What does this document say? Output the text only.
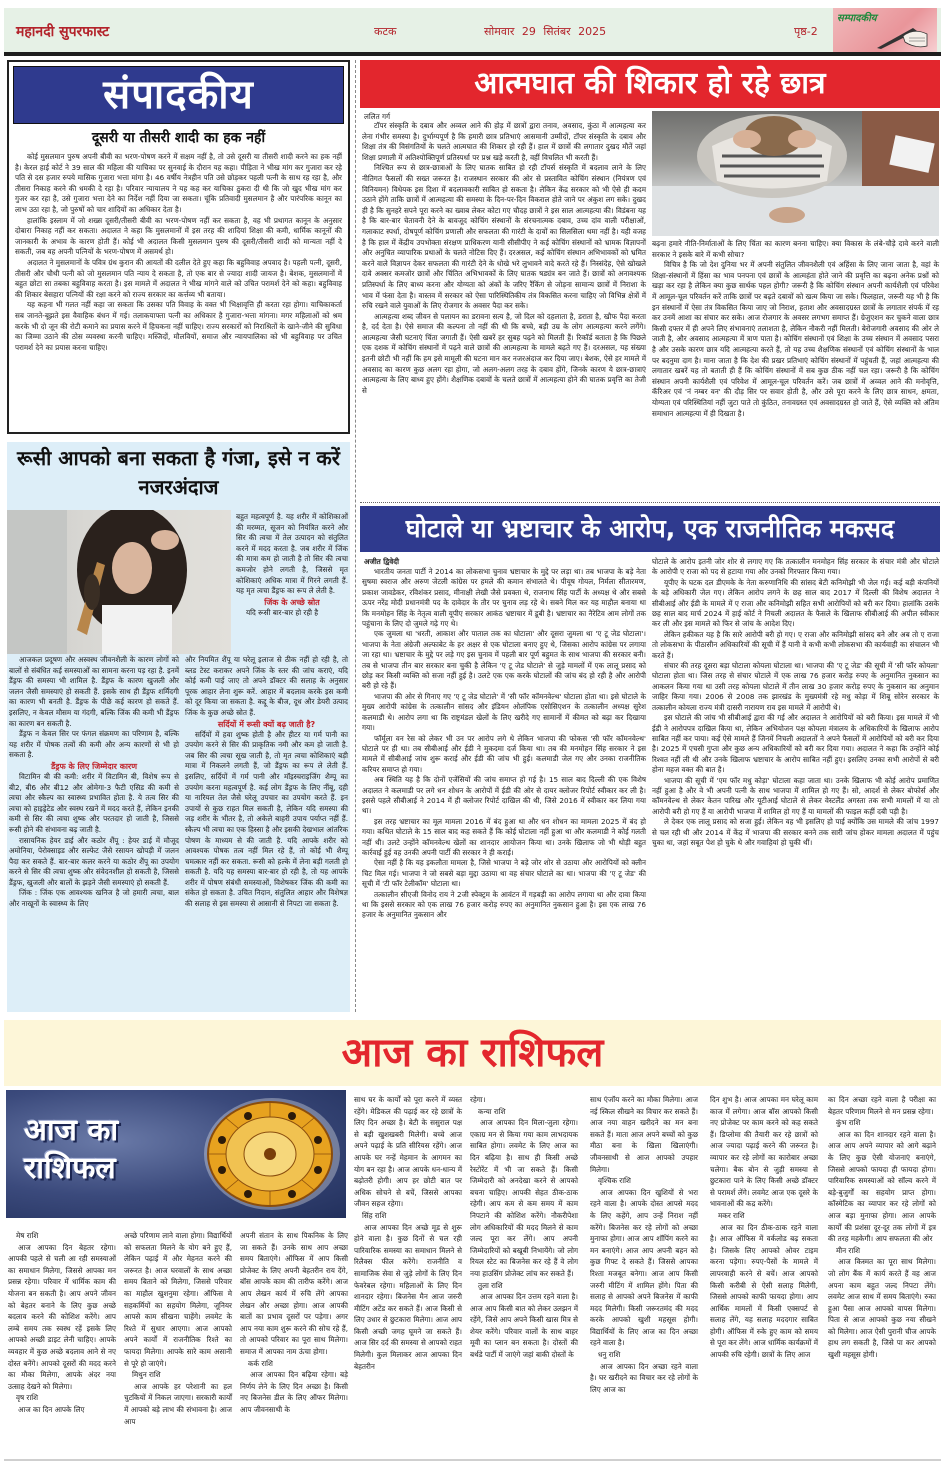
महानदी सुपरफास्ट	कटक	सोमवार 29 सितंबर 2025	पृष्ठ-2
सम्पादकीय
संपादकीय
दूसरी या तीसरी शादी का हक नहीं

कोई मुसलमान पुरुष अपनी बीवी का भरण-पोषण करने में सक्षम नहीं है, तो उसे दूसरी या तीसरी शादी करने का हक नहीं है। केरल हाई कोर्ट ने 39 साल की महिला की याचिका पर सुनवाई के दौरान यह कहा। पीड़िता ने भीख मांग कर गुजारा कर रहे पति से दस हजार रुपये मासिक गुजारा भत्ता मांगा है। 46 वर्षीय नेत्रहीन पति उसे छोड़कर पहली पत्नी के साथ रह रहा है, और तीसरा निकाह करने की धमकी दे रहा है। परिवार न्यायालय ने यह कह कर याचिका ठुकरा दी थी कि जो खुद भीख मांग कर गुजर कर रहा है, उसे गुजारा भत्ता देने का निर्देश नहीं दिया जा सकता। चूंकि प्रतिवादी मुसलमान है और पारंपरिक कानून का लाभ उठा रहा है, जो पुरुषों को चार शादियों का अधिकार देता है।

हालांकि इस्लाम में जो शख्स दूसरी/तीसरी बीवी का भरण-पोषण नहीं कर सकता है, वह भी प्रथागत कानून के अनुसार दोबारा निकाह नहीं कर सकता। अदालत ने कहा कि मुसलमानों में इस तरह की शादियां शिक्षा की कमी, धार्मिक कानूनों की जानकारी के अभाव के कारण होती हैं। कोई भी अदालत किसी मुसलमान पुरुष की दूसरी/तीसरी शादी को मान्यता नहीं दे सकती, जब वह अपनी पत्नियों के भरण-पोषण में असमर्थ हो।

अदालत ने मुसलमानों के पवित्र ग्रंथ कुरान की आयतों की दलील देते हुए कहा कि बहुविवाह अपवाद है। पहली पत्नी, दूसरी, तीसरी और चौथी पत्नी को जो मुसलमान पति न्याय दे सकता है, तो एक बार से ज्यादा शादी जायज है। बेशक, मुसलमानों में बहुत छोटा सा तबका बहुविवाह करता है। इस मामले में अदालत ने भीख मांगने वाले को उचित परामर्श देने को कहा। बहुविवाह की शिकार बेसहारा पत्नियों की रक्षा करने को राज्य सरकार का कर्त्तव्य भी बताया।

यह कहना भी गलत नहीं कहा जा सकता कि उसका पति विवाह के वक्त भी भिक्षावृत्ति ही करता रहा होगा। याचिकाकर्ता सब जानते-बूझते इस वैवाहिक बंधन में गई। तलाकयाफ्ता पत्नी का अधिकार है गुजारा-भत्ता मांगना। मगर महिलाओं को श्रम करके भी दो जून की रोटी कमाने का प्रयास करने में हिचकना नहीं चाहिए। राज्य सरकारों को निराश्रितों के खाने-जीने की सुविधा का जिम्मा उठाने की ठोस व्यवस्था करनी चाहिए। मस्जिदों, मौलवियों, समाज और न्यायपालिका को भी बहुविवाह पर उचित परामर्श देने का प्रयास करना चाहिए।

रूसी आपको बना सकता है गंजा, इसे न करें नजरअंदाज

बहुत महत्वपूर्ण है. यह शरीर में कोशिकाओं की मरम्मत, सूजन को नियंत्रित करने और सिर की त्वचा में तेल उत्पादन को संतुलित करने में मदद करता है. जब शरीर में जिंक की मात्रा कम हो जाती है तो सिर की त्वचा कमजोर होने लगती है, जिससे मृत कोशिकाएं अधिक मात्रा में गिरने लगती हैं. यह मृत त्वचा डैंड्रफ का रूप ले लेती है.

जिंक के अच्छे स्रोत

यदि रूसी बार-बार हो रही है

आजकल प्रदूषण और अस्वस्थ जीवनशैली के कारण लोगों को बालों से संबंधित कई समस्याओं का सामना करना पड़ रहा है. इनमें डैंड्रफ की समस्या भी शामिल है. डैंड्रफ के कारण खुजली और जलन जैसी समस्याएं हो सकती हैं. इसके साथ ही डैंड्रफ शर्मिंदगी का कारण भी बनती है. डैंड्रफ के पीछे कई कारण हो सकते हैं. इसलिए, न केवल मौसम या गंदगी, बल्कि जिंक की कमी भी डैंड्रफ का कारण बन सकती है.

डैंड्रफ न केवल सिर पर फंगल संक्रमण का परिणाम है, बल्कि यह शरीर में पोषक तत्वों की कमी और अन्य कारणों से भी हो सकता है.

डैंड्रफ के लिए जिम्मेदार कारण

विटामिन बी की कमी: शरीर में विटामिन बी, विशेष रूप से बी2, बी6 और बी12 और ओमेगा-3 फैटी एसिड की कमी से त्वचा और स्कैल्प का स्वास्थ्य प्रभावित होता है. ये तत्व सिर की त्वचा को हाइड्रेटेड और स्वस्थ रखने में मदद करते हैं, लेकिन इनकी कमी से सिर की त्वचा शुष्क और परतदार हो जाती है, जिससे रूसी होने की संभावना बढ़ जाती है.

रासायनिक हेयर डाई और कठोर शैंपू : हेयर डाई में मौजूद अमोनिया, पेरोक्साइड और सल्फेट जैसे रसायन खोपड़ी में जलन पैदा कर सकते हैं. बार-बार कलर करने या कठोर शैंपू का उपयोग करने से सिर की त्वचा शुष्क और संवेदनशील हो सकती है, जिससे डैंड्रफ, खुजली और बालों के झड़ने जैसी समस्याएं हो सकती हैं.

जिंक : जिंक एक आवश्यक खनिज है जो हमारी त्वचा, बाल और नाखूनों के स्वास्थ्य के लिए

और नियमित शैंपू या घरेलू इलाज से ठीक नहीं हो रही है, तो ब्लड टेस्ट कराकर अपने जिंक के स्तर की जांच कराएं, यदि कोई कमी पाई जाए तो अपने डॉक्टर की सलाह के अनुसार पूरक आहार लेना शुरू करें. आहार में बदलाव करके इस कमी को दूर किया जा सकता है. कद्दू के बीज, दूध और डेयरी उत्पाद जिंक के कुछ अच्छे स्रोत हैं.

सर्दियों में रूसी क्यों बढ़ जाती है?

सर्दियों में हवा शुष्क होती है और हीटर या गर्म पानी का उपयोग करने से सिर की प्राकृतिक नमी और कम हो जाती है. जब सिर की त्वचा सूख जाती है, तो मृत त्वचा कोशिकाएं बड़ी मात्रा में निकलने लगती हैं, जो डैंड्रफ का रूप ले लेती हैं. इसलिए, सर्दियों में गर्म पानी और मॉइस्चराइजिंग शैम्पू का उपयोग करना महत्वपूर्ण है. कई लोग डैंड्रफ के लिए नींबू, दही या नारियल तेल जैसे घरेलू उपचार का उपयोग करते हैं. इन उपायों से कुछ राहत मिल सकती है, लेकिन यदि समस्या की जड़ शरीर के भीतर है, तो अकेले बाहरी उपाय पर्याप्त नहीं हैं. स्कैल्प भी त्वचा का एक हिस्सा है और इसकी देखभाल आंतरिक पोषण के माध्यम से की जाती है. यदि आपके शरीर को आवश्यक पोषक तत्व नहीं मिल रहे हैं, तो कोई भी शैम्पू चमत्कार नहीं कर सकता. रूसी को हल्के में लेना बड़ी गलती हो सकती है. यदि यह समस्या बार-बार हो रही है, तो यह आपके शरीर में पोषण संबंधी समस्याओं, विशेषकर जिंक की कमी का संकेत हो सकता है. उचित निदान, संतुलित आहार और विशेषज्ञ की सलाह से इस समस्या से आसानी से निपटा जा सकता है.

आत्मघात की शिकार हो रहे छात्र
ललित गर्ग

टॉपर संस्कृति के दबाव और अव्वल आने की होड़ में छात्रों द्वारा तनाव, अवसाद, कुंठा में आत्महत्या कर लेना गंभीर समस्या है। दुर्भाग्यपूर्ण है कि हमारी छात्र प्रतिभाएं आसमानी उम्मीदों, टॉपर संस्कृति के दबाव और शिक्षा तंत्र की विसंगतियों के चलते आत्मघात की शिकार हो रही हैं। हाल में छात्रों की लगातार दुखद मौतें जहां शिक्षा प्रणाली में अतिश्योक्तिपूर्ण प्रतिस्पर्धा पर प्रश्न खड़े करती है, वहीं विचलित भी करती हैं।

निश्चित रूप से छात्र-छात्राओं के लिए घातक साबित हो रही टॉपर्स संस्कृति में बदलाव लाने के लिए नीतिगत फैसलों की सख्त जरूरत है। राजस्थान सरकार की ओर से प्रस्तावित कोचिंग संस्थान (नियंत्रण एवं विनियमन) विधेयक इस दिशा में बदलावकारी साबित हो सकता है। लेकिन केंद्र सरकार को भी ऐसे ही कदम उठाने होंगे ताकि छात्रों में आत्महत्या की समस्या के दिन-पर-दिन विकराल होते जाने पर अंकुश लग सके। दुखद ही है कि सुनहरे सपने पूरा करने का ख्वाब लेकर कोटा गए चौदह छात्रों ने इस साल आत्महत्या की। विडंबना यह है कि बार-बार चेतावनी देने के बावजूद कोचिंग संस्थानों के संरचनात्मक दबाव, उच्च दांव वाली परीक्षाओं, गलाकाट स्पर्धा, दोषपूर्ण कोचिंग प्रणाली और सफलता की गारंटी के दावों का सिलसिला थमा नहीं है। यही वजह है कि हाल में केंद्रीय उपभोक्ता संरक्षण प्राधिकरण यानी सीसीपीए ने कई कोचिंग संस्थानों को भ्रामक विज्ञापनों और अनुचित व्यापारिक प्रथाओं के चलते नोटिस दिए हैं। दरअसल, कई कोचिंग संस्थान अभिभावकों को भ्रमित करने वाले विज्ञापन देकर सफलता की गारंटी देने के धोखे भरे लुभावने वादे करते रहे हैं। निस्संदेह, ऐसे खोखले दावे अक्सर कमजोर छात्रों और चिंतित अभिभावकों के लिए घातक षड्यंत्र बन जाते हैं। छात्रों को अनावश्यक प्रतिस्पर्धा के लिए बाध्य करना और योग्यता को अंकों के जरिए रैंकिंग से जोड़ना सामान्य छात्रों में निराशा के भाव में फंसा देता है। वास्तव में सरकार को ऐसा पारिस्थितिकीय तंत्र विकसित करना चाहिए जो विभिन्न क्षेत्रों में रुचि रखने वाले युवाओं के लिए रोजगार के अवसर पैदा कर सके।

आत्महत्या शब्द जीवन से पलायन का डरावना सत्य है, जो दिल को दहलाता है, डराता है, खौफ पैदा करता है, दर्द देता है। ऐसे समाज की कल्पना तो नहीं की थी कि बच्चे, बड़ी उम्र के लोग आत्महत्या करने लगेंगे। आत्महत्या जैसी घटनाएं चिंता जगाती हैं। ऐसी खबरें हर सुबह पढ़ने को मिलती हैं। रिकॉर्ड बताता है कि पिछले एक दशक में कोचिंग संस्थानों में पढ़ने वाले छात्रों की आत्महत्या के मामले बढ़ते गए हैं। दरअसल, यह संख्या इतनी छोटी भी नहीं कि हम इसे मामूली की घटना मान कर नजरअंदाज कर दिया जाए। बेशक, ऐसे हर मामले में अवसाद का कारण कुछ अलग रहा होगा, जो अलग-अलग तरह के दबाव होंगे, जिनके कारण ये छात्र-छात्राएं आत्महत्या के लिए बाध्य हुए होंगे। शैक्षणिक दबावों के चलते छात्रों में आत्महत्या होने की घातक प्रवृत्ति का तेजी से

बढ़ना हमारे नीति-निर्माताओं के लिए चिंता का कारण बनना चाहिए। क्या विकास के लंबे-चौड़े दावे करने वाली सरकार ने इसके बारे में कभी सोचा?

विचित्र है कि जो देश दुनिया भर में अपनी संतुलित जीवनशैली एवं अहिंसा के लिए जाना जाता है, वहां के शिक्षा-संस्थानों में हिंसा का भाव पनपना एवं छात्रों के आत्महंता होते जाने की प्रवृत्ति का बढ़ना अनेक प्रश्नों को खड़ा कर रहा है लेकिन क्या कुछ सार्थक पहल होगी? जरूरी है कि कोचिंग संस्थान अपनी कार्यशैली एवं परिवेश में आमूल-चूल परिवर्तन करें ताकि छात्रों पर बढ़ते दबावों को खत्म किया जा सके। फिलहाल, जरूरी यह भी है कि इन संस्थानों में ऐसा तंत्र विकसित किया जाए जो निराश, हताश और अवसादग्रस्त छात्रों के लगातार संपर्क में रह कर उनमें आशा का संचार कर सके। आज रोजगार के अवसर लगभग समाप्त हैं। ग्रेजुएशन कर चुकने वाला छात्र किसी दफ्तर में ही अपने लिए संभावनाएं तलाशता है, लेकिन नौकरी नहीं मिलती। बेरोजगारी अवसाद की ओर ले जाती है, और अवसाद आत्महत्या में त्राण पाता है। कोचिंग संस्थानों एवं शिक्षा के उच्च संस्थान में अवसाद पसरा है और उसके कारण छात्र यदि आत्महत्या करते हैं, तो यह उच्च शैक्षणिक संस्थानों एवं कोचिंग संस्थानों के भाल पर बदनुमा दाग है। माना जाता है कि देश की प्रखर प्रतिभाएं कोचिंग संस्थानों में पहुंचती हैं, जहां आत्महत्या की लगातार खबरें यह तो बताती ही हैं कि कोचिंग संस्थानों में सब कुछ ठीक नहीं चल रहा। जरूरी है कि कोचिंग संस्थान अपनी कार्यशैली एवं परिवेश में आमूल-चूल परिवर्तन करें। जब छात्रों में अव्वल आने की मनोवृत्ति, कॅरिअर एवं 'नं नम्बर वन' की दौड़ सिर पर सवार होती है, और उसे पूरा करने के लिए छात्र साधन, क्षमता, योग्यता एवं परिस्थितियां नहीं जुटा पाते तो कुंठित, तनावग्रस्त एवं अवसादग्रस्त हो जाते हैं, ऐसे व्यक्ति को अंतिम समाधान आत्महत्या में ही दिखता है।

घोटाले या भ्रष्टाचार के आरोप, एक राजनीतिक मकसद
अजीत द्विवेदी

भारतीय जनता पार्टी ने 2014 का लोकसभा चुनाव भ्रष्टाचार के मुद्दे पर लड़ा था। तब भाजपा के बड़े नेता सुषमा स्वराज और अरुण जेटली कांग्रेस पर हमले की कमान संभालते थे। पीयूष गोयल, निर्मला सीतारमण, प्रकाश जावडेकर, रविशंकर प्रसाद, मीनाक्षी लेखी जैसे प्रवक्ता थे, राजनाथ सिंह पार्टी के अध्यक्ष थे और सबसे ऊपर नरेंद्र मोदी प्रधानमंत्री पद के दावेदार के तौर पर चुनाव लड़ रहे थे। सबने मिल कर यह माहौल बनाया था कि मनमोहन सिंह के नेतृत्व वाली यूपीए सरकार आकंठ भ्रष्टाचार में डूबी है। भ्रष्टाचार का नैरेटिव आम लोगों तक पहुंचाना के लिए दो जुमले गढ़े गए थे।

एक जुमला था 'धरती, आकाश और पाताल तक का घोटाला' और दूसरा जुमला था 'ए टू जेड घोटाला'। भाजपा के नेता अंग्रेजी अल्फाबेट के हर अक्षर से एक घोटाला बनाए हुए थे, जिसका आरोप कांग्रेस पर लगाया जा रहा था। भ्रष्टाचार के मुद्दे पर लड़े गए इस चुनाव में पहली बार पूर्ण बहुमत के साथ भाजपा की सरकार बनी। तब से भाजपा तीन बार सरकार बना चुकी है लेकिन 'ए टू जेड घोटाले' से जुड़े मामलों में एक लालू प्रसाद को छोड़ कर किसी व्यक्ति को सजा नहीं हुई है। उलटे एक एक करके घोटालों की जांच बंद हो रही है और आरोपी बरी हो रहे हैं।

भाजपा की ओर से गिनाए गए 'ए टू जेड घोटाले' में 'सी फॉर कॉमनवेल्थ' घोटाला होता था। इसे घोटाले के मुख्य आरोपी कांग्रेस के तत्कालीन सांसद और इंडियन ओलंपिक एसोसिएशन के तत्कालीन अध्यक्ष सुरेश कलमाडी थे। आरोप लगा था कि राष्ट्रमंडल खेलों के लिए खरीदे गए सामानों में कीमत को बढ़ा कर दिखाया गया।

फॉर्मूला वन रेस को लेकर भी उन पर आरोप लगे थे लेकिन भाजपा की फोकस 'सी फॉर कॉमनवेल्थ' घोटाले पर ही था। तब सीबीआई और ईडी ने मुकदमा दर्ज किया था। तब की मनमोहन सिंह सरकार ने इस मामले में सीबीआई जांच शुरू कराई और ईडी की जांच भी हुई। कलमाडी जेल गए और उनका राजनीतिक करियर समाप्त हो गया।

अब स्थिति यह है कि दोनों एजेंसियों की जांच समाप्त हो गई है। 15 साल बाद दिल्ली की एक विशेष अदालत ने कलमाडी पर लगे धन शोधन के आरोपों में ईडी की ओर से दायर क्लोजर रिपोर्ट स्वीकार कर ली है। इससे पहले सीबीआई ने 2014 में ही क्लोजर रिपोर्ट दाखिल की थी, जिसे 2016 में स्वीकार कर लिया गया था।

इस तरह भ्रष्टाचार का मूल मामला 2016 में बंद हुआ था और धन शोधन का मामला 2025 में बंद हो गया। कथित घोटाले के 15 साल बाद कह सकते हैं कि कोई घोटाला नहीं हुआ था और कलमाडी ने कोई गलती नहीं थी। उलटे उन्होंने कॉमनवेल्थ खेलों का शानदार आयोजन किया था। उनके खिलाफ जो भी थोड़ी बहुत कार्रवाई हुई वह उनकी अपनी पार्टी की सरकार ने ही कराई।

ऐसा नहीं है कि यह इकलौता मामला है, जिसे भाजपा ने बड़े जोर शोर से उठाया और आरोपियों को क्लीन चिट मिल गई। भाजपा ने जो सबसे बड़ा मुद्दा उठाया था वह संचार घोटाले का था। भाजपा की 'ए टू जेड' की सूची में 'टी फॉर टेलीकॉम' घोटाला था।

तत्कालीन सीएजी विनोद राय ने 2जी स्पेक्ट्रम के आवंटन में गड़बड़ी का आरोप लगाया था और दावा किया था कि इससे सरकार को एक लाख 76 हजार करोड़ रुपए का अनुमानित नुकसान हुआ है। इस एक लाख 76 हजार के अनुमानित नुकसान और

घोटाले के आरोप इतनी जोर शोर से लगाए गए कि तत्कालीन मनमोहन सिंह सरकार के संचार मंत्री और घोटाले के आरोपी ए राजा को पद से हटाया गया और उनको गिरफ्तार किया गया।

यूपीए के घटक दल डीएमके के नेता करुणानिधि की सांसद बेटी कनिमोझी भी जेल गईं। कई बड़ी कंपनियों के बड़े अधिकारी जेल गए। लेकिन आरोप लगने के छह साल बाद 2017 में दिल्ली की विशेष अदालत ने सीबीआई और ईडी के मामले में ए राजा और कनिमोझी सहित सभी आरोपियों को बरी कर दिया। हालांकि उसके छह साल बाद मार्च 2024 में हाई कोर्ट ने निचली अदालत के फैसले के खिलाफ सीबीआई की अपील स्वीकार कर ली और इस मामले को फिर से जांच के आदेश दिए।

लेकिन हकीकत यह है कि सारे आरोपी बरी हो गए। ए राजा और कनिमोझी सांसद बने और अब तो ए राजा तो लोकसभा के पीठासीन अधिकारियों की सूची में हैं यानी वे कभी कभी लोकसभा की कार्यवाही का संचालन भी करते हैं।

संचार की तरह दूसरा बड़ा घोटाला कोयला घोटाला था। भाजपा की 'ए टू जेड' की सूची में 'सी फॉर कोयला' घोटाला होता था। जिस तरह से संचार घोटाले में एक लाख 76 हजार करोड़ रुपए के अनुमानित नुकसान का आकलन किया गया था उसी तरह कोयला घोटाले में तीन लाख 30 हजार करोड़ रुपए के नुकसान का अनुमान जाहिर किया गया। 2006 से 2008 तक झारखंड के मुख्यमंत्री रहे मधु कोड़ा में शिबू सोरेन सरकार के तत्कालीन कोयला राज्य मंत्री दासरी नारायण राव इस मामले में आरोपी थे।

इस घोटाले की जांच भी सीबीआई द्वारा की गई और अदालत ने आरोपियों को बरी किया। इस मामले में भी ईडी ने आरोपपत्र दाखिल किया था, लेकिन अभियोजन पक्ष कोयला मंत्रालय के अधिकारियों के खिलाफ आरोप साबित नहीं कर पाया। कई ऐसे मामले हैं जिनमें निचली अदालतों ने अपने फैसलों में आरोपियों को बरी कर दिया है। 2025 में एचसी गुप्ता और कुछ अन्य अधिकारियों को बरी कर दिया गया। अदालत ने कहा कि उन्होंने कोई रिश्वत नहीं ली थी और उनके खिलाफ भ्रष्टाचार के आरोप साबित नहीं हुए। इसलिए उनका सभी आरोपों से बरी होना महज वक्त की बात है।

भाजपा की सूची में 'एम फॉर मधु कोड़ा' घोटाला कहा जाता था। उनके खिलाफ भी कोई आरोप प्रमाणित नहीं हुआ है और वे भी अपनी पत्नी के साथ भाजपा में शामिल हो गए हैं। सो, आदर्श से लेकर बोफोर्स और कॉमनवेल्थ से लेकर केतन पारिख और यूटीआई घोटाले से लेकर वेस्टलैंड अगस्ता तक सभी मामलों में या तो आरोपी बरी हो गए हैं या आरोपी भाजपा में शामिल हो गए हैं या मामलों की फाइल कहीं दबी पड़ी है।

ले देकर एक लालू प्रसाद को सजा हुई। लेकिन वह भी इसलिए हो पाई क्योंकि उस मामले की जांच 1997 से चल रही थी और 2014 में केंद्र में भाजपा की सरकार बनने तक सारी जांच होकर मामला अदालत में पहुंच चुका था, जहां सबूत पेश हो चुके थे और गवाहियां हो चुकी थीं।

आज का राशिफल
आज का
राशिफल

मेष राशि

आज आपका दिन बेहतर रहेगा। आपकी पहले से चली आ रही समस्याओं का समाधान मिलेगा, जिससे आपका मन प्रसन्न रहेगा। परिवार में धार्मिक काम की योजना बन सकती है। आप अपने जीवन को बेहतर बनाने के लिए कुछ अच्छे बदलाव करने की कोशिश करेंगे। आप लम्बे समय तक स्वस्थ रहें इसके लिए आपको अच्छी डाइट लेनी चाहिए। आपके व्यवहार में कुछ अच्छे बदलाव आने से नए दोस्त बनेंगे। आपको दूसरों की मदद करने का मौका मिलेगा, आपके अंदर नया उत्साह देखने को मिलेगा।

वृष राशि

आज का दिन आपके लिए

अच्छे परिणाम लाने वाला होगा। विद्यार्थियों को सफलता मिलने के योग बने हुए हैं, लेकिन पढ़ाई में और मेहनत करने की जरूरत है। आज घरवालों के साथ अच्छा समय बिताने को मिलेगा, जिससे परिवार का माहौल खुशनुमा रहेगा। ऑफिस मे सहकर्मियों का सहयोग मिलेगा, जूनियर आपसे काम सीखना चाहेंगे। लवमेट के रिश्ते में सुधार आएगा। आज आपको अपने कार्यों में राजनीतिक रिश्ते का फायदा मिलेगा। आपके सारे काम असानी से पूरे हो जाएंगे।

मिथुन राशि

आज आपके हर परेशानी का हल चुटकियों में निकल जाएगा। सरकारी कार्यों में आपको बड़े लाभ की संभावना है। आज आप

अपनी संतान के साथ पिकनिक के लिए जा सकते हैं। उनके साथ आप अच्छा समय बिताएंगे। ऑफिस में आप किसी प्रोजेक्ट के लिए अपनी बेहतरीन राय देंगे, बॉस आपके काम की तारीफ करेंगे। आज आप लेखन कार्य में रुचि लेंगे आपका लेखन और अच्छा होगा। आज आपकी बातों का प्रभाव दूसरों पर पड़ेगा। अगर आप नया काम शुरू करने की सोच रहे हैं, तो आपको परिवार का पूरा साथ मिलेगा। समाज में आपका नाम ऊंचा होगा।

कर्क राशि

आज आपका दिन बढ़िया रहेगा। बड़े निर्णय लेने के लिए दिन अच्छा है। किसी नए बिजनेस डील के लिए ऑफर मिलेगा। आप जीवनसाथी के

साथ घर के कार्यों को पूरा करने में व्यस्त रहेंगे। मेडिकल की पढ़ाई कर रहे छात्रों के लिए दिन अच्छा है। बेटी के ससुराल पक्ष से बड़ी खुशखबरी मिलेगी। बच्चे आज अपने पढ़ाई के प्रति सीरियस रहेंगे। आज आपके घर नन्हें मेहमान के आगमन का योग बन रहा है। आज आपके धन-धान्य में बढ़ोतरी होगी। आप हर छोटी बात पर अधिक सोचने से बचें, जिससे आपका जीवन सहज रहेगा।

सिंह राशि

आज आपका दिन अच्छे मूड से शुरू होने वाला है। कुछ दिनों से चल रही पारिवारिक समस्या का समाधान मिलने से रिलैक्स फील करेंगे। राजनीति व सामाजिक सेवा से जुड़े लोगों के लिए दिन फेवरेबल रहेगा। महिलाओं के लिए दिन शानदार रहेगा। बिजनेस मैन आज जरुरी मीटिंग अटेंड कर सकते हैं। आज किसी से लिए उधार से छुटकारा मिलेगा। आज आप किसी अच्छी जगह घूमने जा सकते हैं। आज सिर दर्द की समस्या से आपको राहत मिलेगी। कुल मिलाकर आज आपका दिन बेहतरीन

रहेगा।

कन्या राशि

आज आपका दिन मिला-जुला रहेगा। एकाग्र मन से किया गया काम लाभदायक साबित होगा। लवमेट के लिए आज का दिन बढ़िया है। साथ ही किसी अच्छे रेस्टोरेंट में भी जा सकते हैं। किसी जिम्मेदारी को अनदेखा करने से आपको बचना चाहिए। आपकी सेहत ठीक-ठाक रहेगी। आप कम से कम समय में काम निपटाने की कोशिश करेंगे। नौकरीपेशा लोग अधिकारियों की मदद मिलने से काम जल्द पूरा कर लेंगे। आप अपनी जिम्मेदारियों को बखूबी निभायेंगे। जो लोग रियल स्टेट का बिजनेस कर रहे हैं वे लोग नया हाउसिंग प्रोजेक्ट लांच कर सकते हैं।

तुला राशि

आज आपका दिन उत्तम रहने वाला है। आज आप किसी बात को लेकर उलझन में रहेंगे, जिसे आप अपने किसी खास मित्र से शेयर करेंगे। परिवार वालों के साथ बाहर मूवी का प्लान बन सकता है। दोस्तों की बर्थडे पार्टी में जाएंगे जहां बाकी दोस्तों के

साथ एंजॉय करने का मौका मिलेगा। आज नई स्किल सीखने का विचार कर सकते हैं। आज नया वाहन खरीदने का मन बना सकते हैं। माता आज अपने बच्चों को कुछ मीठा बना के खिला खिलाएंगी। जीवनसाथी से आज आपको उपहार मिलेगा।

वृश्चिक राशि

आज आपका दिन खुशियों से भरा रहने वाला है। आपके दोस्त आपसे मदद के लिए कहेंगे, आप उन्हें निराश नहीं करेंगे। बिजनेस कर रहे लोगों को अच्छा मुनाफा होगा। आज आप शॉपिंग करने का मन बनाएंगे। आज आप अपनी बहन को कुछ गिफ्ट दे सकते हैं। जिससे आपका रिश्ता मजबूत बनेगा। आज आप किसी जरुरी मीटिंग में शामिल होंगे। पिता की सलाह से आपको अपने बिजनेस में काफी मदद मिलेगी। किसी जरूरतमंद की मदद करके आपको खुशी महसूस होगी। विद्यार्थियों के लिए आज का दिन अच्छा रहने वाला है।

धनु राशि

आज आपका दिन अच्छा रहने वाला है। घर खरीदने का विचार कर रहे लोगों के लिए आज का

दिन शुभ है। आज आपका मन घरेलू काम काज में लगेगा। आज बॉस आपको किसी नए प्रोजेक्ट पर काम करने को कह सकते हैं। डिप्लोमा की तैयारी कर रहे छात्रों को आज ज्यादा पढ़ाई करने की जरूरत है। व्यापार कर रहे लोगों का कारोबार अच्छा चलेगा। बैक बोन से जुड़ी समस्या से छुटकारा पाने के लिए किसी अच्छे डॉक्टर से परामर्श लेंगे। लवमेट आज एक दूसरे के भावनाओं की कद्र करेंगे।

मकर राशि

आज का दिन ठीक-ठाक रहने वाला है। आज ऑफिस में वर्कलोड बढ़ सकता है। जिसके लिए आपको ओवर टाइम करना पड़ेगा। रुपए-पैसों के मामले में लापरवाही करने से बचें। आज आपको किसी करीबी से ऐसी सलाह मिलेगी, जिससे आपको काफी फायदा होगा। आप आर्थिक मामलों में किसी एक्सपर्ट से सलाह लेंगे, यह सलाह मददगार साबित होगी। ऑफिस में रुके हुए काम को समय से पूरा कर लेंगे। आज धार्मिक कार्यक्रमों में आपकी रुचि रहेगी। छात्रों के लिए आज

का दिन अच्छा रहने वाला है परीक्षा का बेहतर परिणाम मिलने से मन प्रसन्न रहेगा।

कुंभ राशि

आज का दिन शानदार रहने वाला है। आज आप अपने व्यापार को आगे बढ़ाने के लिए कुछ ऐसी योजनाएं बनाएंगे, जिससे आपको फायदा ही फायदा होगा। पारिवारिक समस्याओं को सॉल्व करने में बड़े-बुजुर्गों का सहयोग प्राप्त होगा। कॉस्मेटिक का व्यापार कर रहे लोगों को आज बड़ा मुनाफा होगा। आज आपके कार्यों की प्रशंसा दूर-दूर तक लोगों में इत्र की तरह महकेगी। आप सफलता की ओर

मीन राशि

आज किस्मत का पूरा साथ मिलेगा। जो लोग बैंक में कार्य करते हैं वह आज अपना काम बहुत जल्द निपटा लेंगे। लवमेट आज साथ में समय बिताएंगे। रुका हुआ पैसा आज आपको वापस मिलेगा। पिता से आज आपको कुछ नया सीखने को मिलेगा। आज ऐसी पुरानी चीज आपके हाथ लग सकती है, जिसे पा कर आपको खुशी महसूस होगी।
